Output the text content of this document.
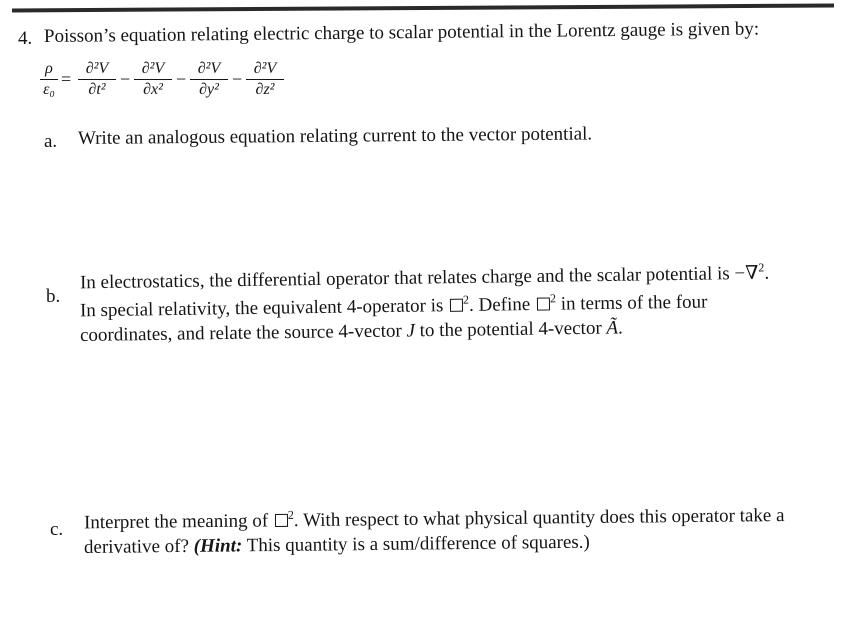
4. Poisson’s equation relating electric charge to scalar potential in the Lorentz gauge is given by:
ρ
ε₀
=
∂²V
∂t²
−
∂²V
∂x²
−
∂²V
∂y²
−
∂²V
∂z²
a. Write an analogous equation relating current to the vector potential.
b.
In electrostatics, the differential operator that relates charge and the scalar potential is −∇$^2$.
In special relativity, the equivalent 4-operator is $^2$. Define $^2$ in terms of the four
coordinates, and relate the source 4-vector J to the potential 4-vector Ã.
c. Interpret the meaning of $^2$. With respect to what physical quantity does this operator take a
derivative of? (Hint: This quantity is a sum/difference of squares.)
